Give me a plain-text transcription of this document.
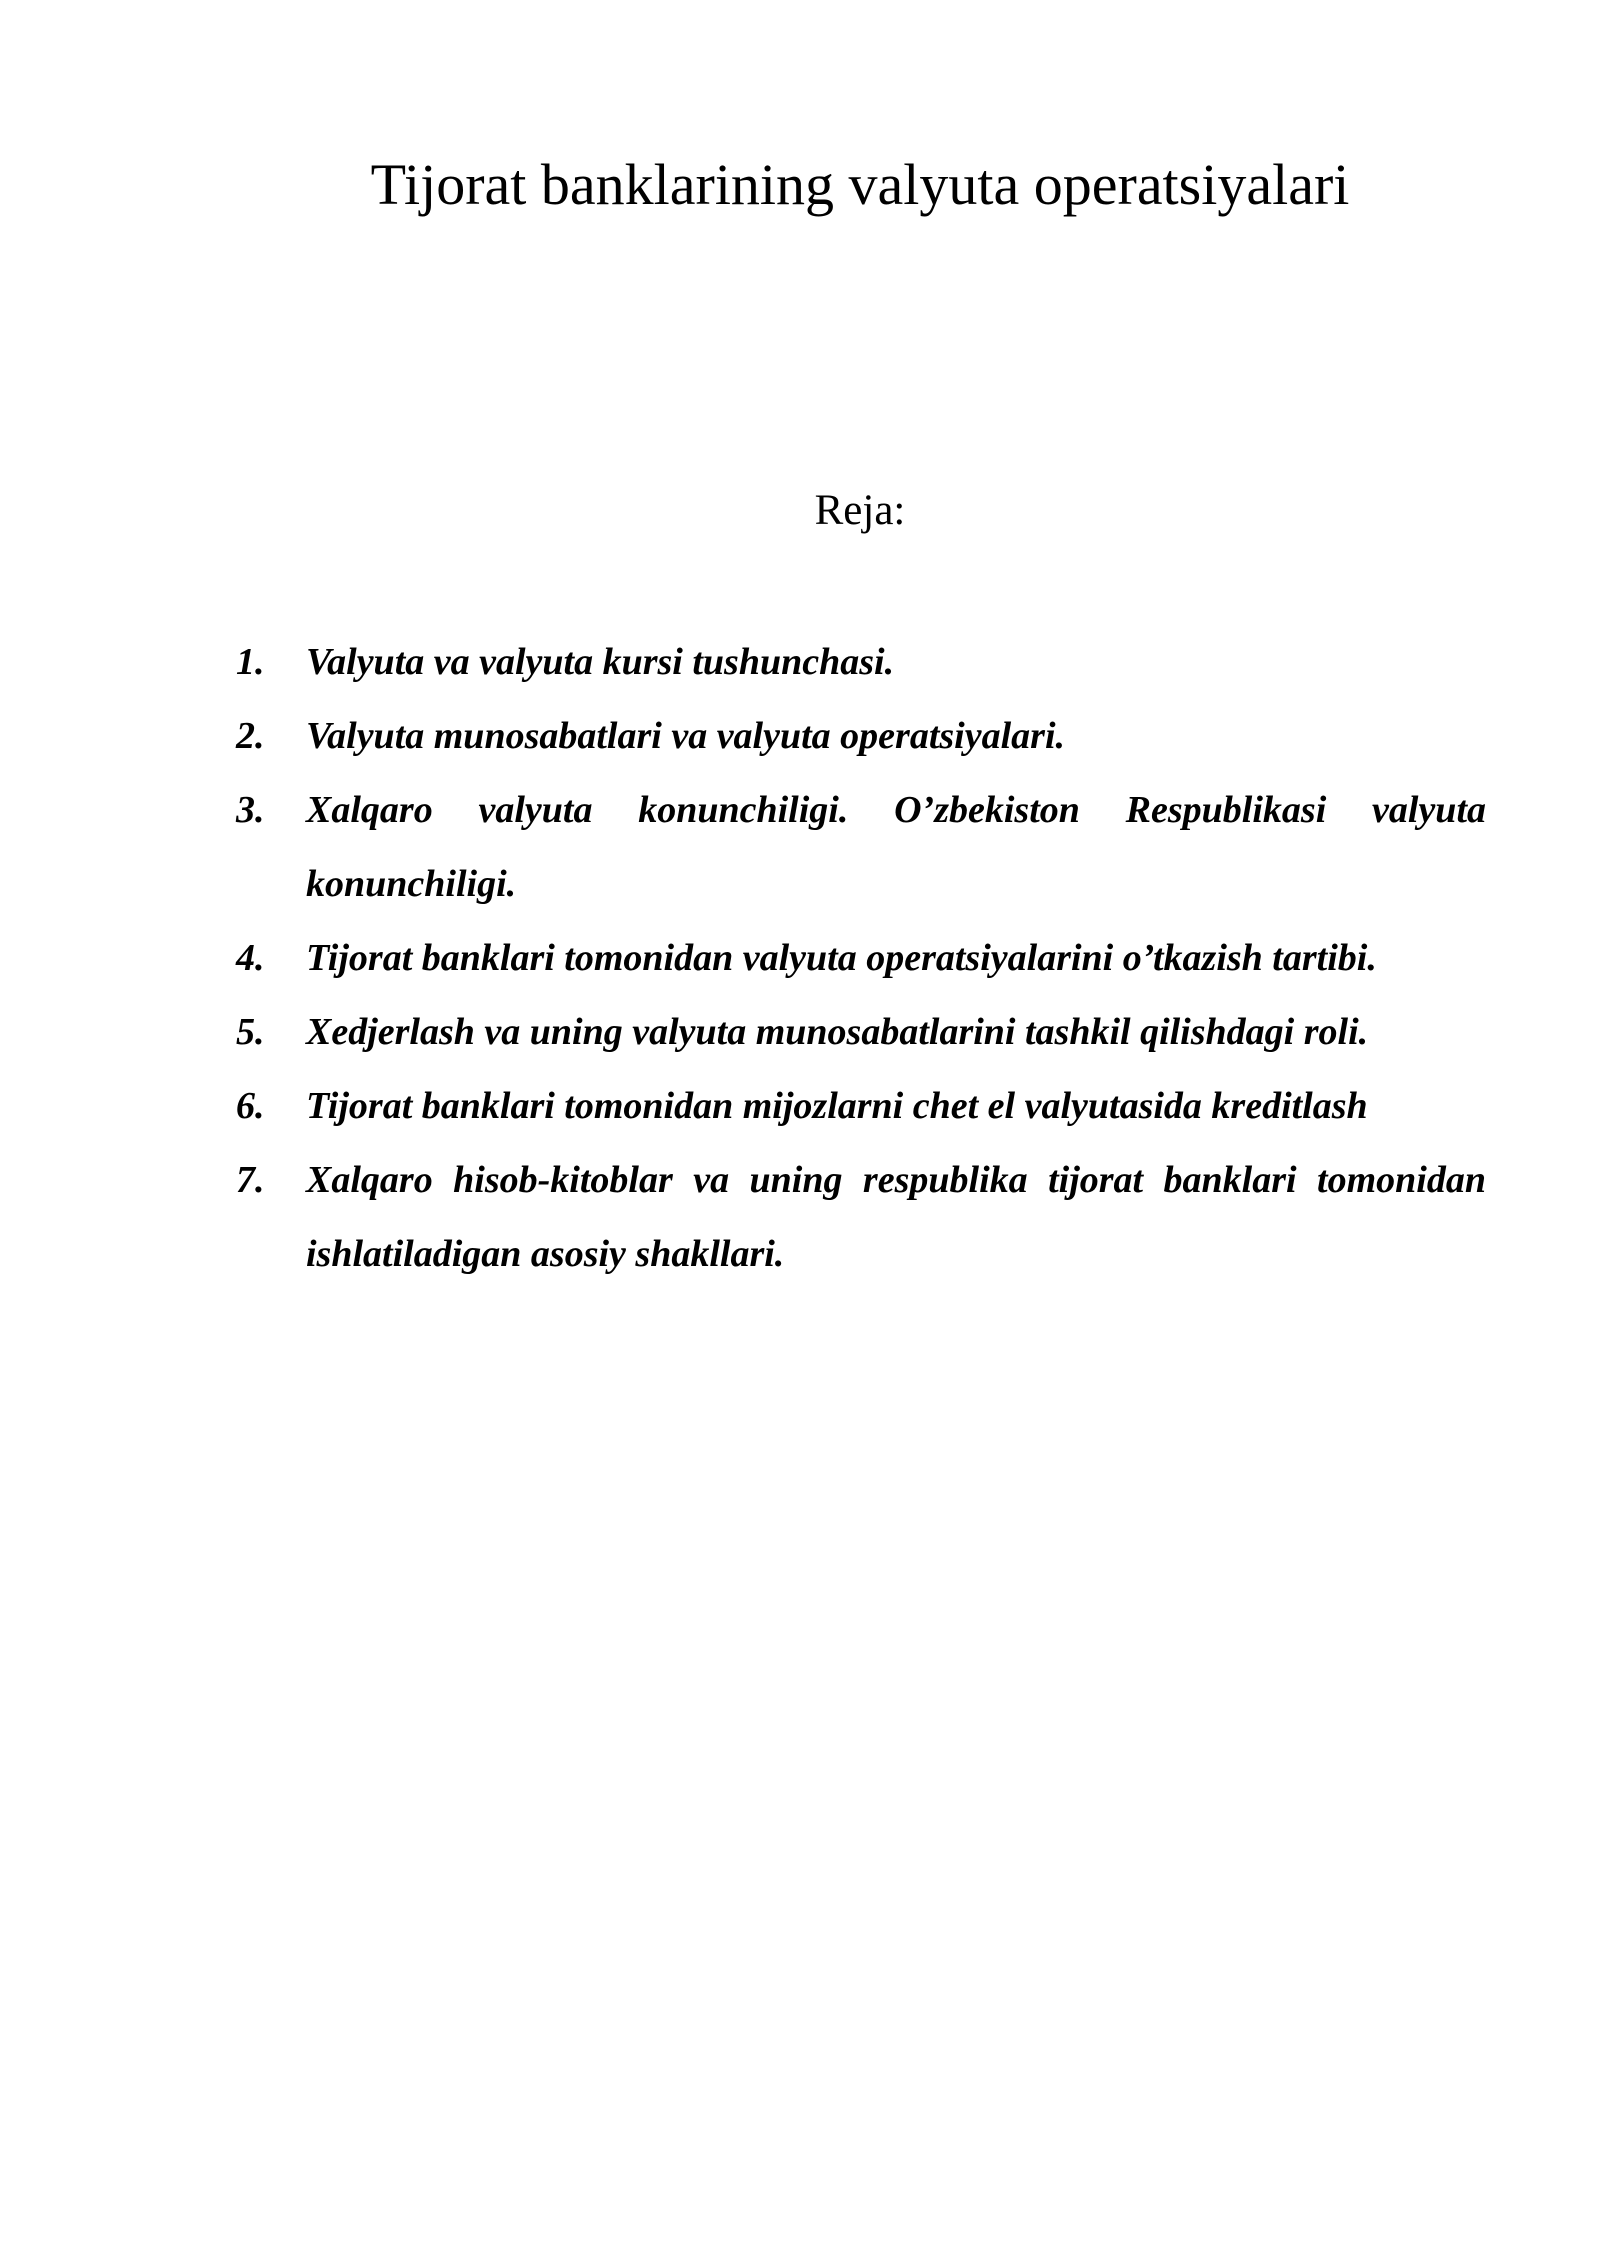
Tijorat banklarining valyuta operatsiyalari
Reja:
1.	Valyuta va valyuta kursi tushunchasi.
2.	Valyuta munosabatlari va valyuta operatsiyalari.
3.	Xalqaro valyuta konunchiligi. O’zbekiston Respublikasi valyuta konunchiligi.
4.	Tijorat banklari tomonidan valyuta operatsiyalarini o’tkazish tartibi.
5.	Xedjerlash va uning valyuta munosabatlarini tashkil qilishdagi roli.
6.	Tijorat banklari tomonidan mijozlarni chet el valyutasida kreditlash
7.	Xalqaro hisob-kitoblar va uning respublika tijorat banklari tomonidan ishlatiladigan asosiy shakllari.
